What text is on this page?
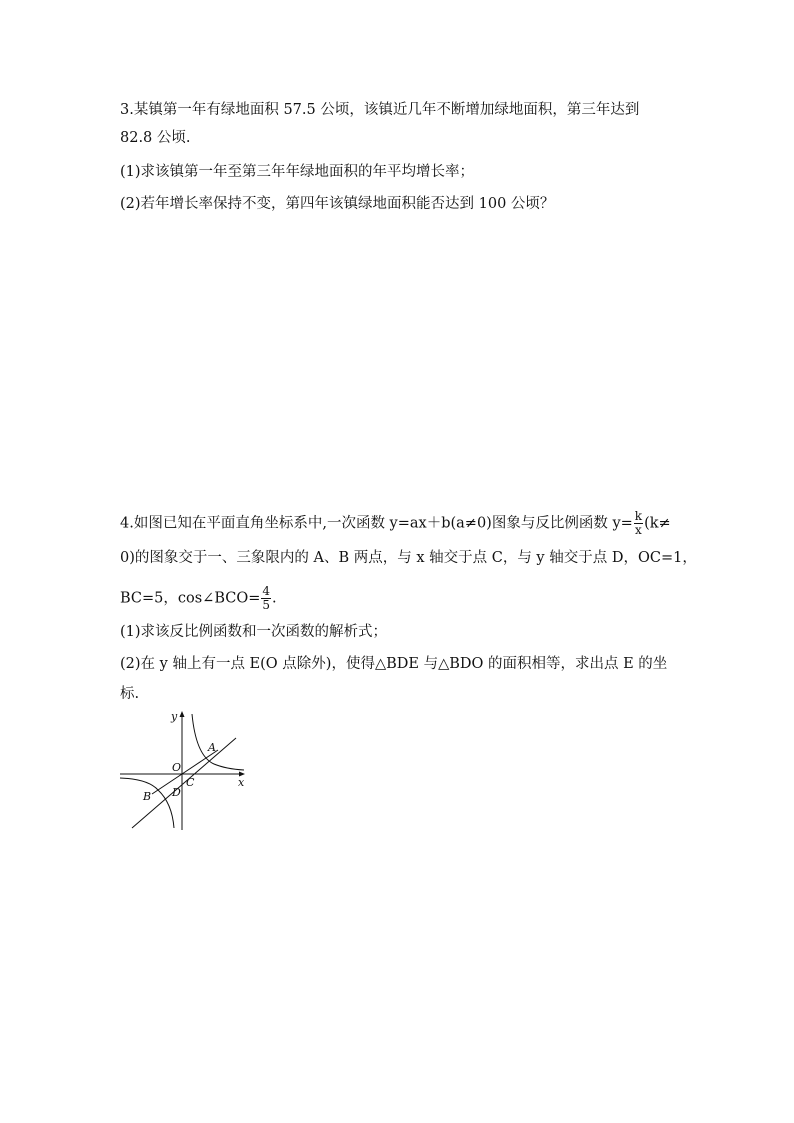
3.某镇第一年有绿地面积 57.5 公顷，该镇近几年不断增加绿地面积，第三年达到
82.8 公顷.
(1)求该镇第一年至第三年年绿地面积的年平均增长率；
(2)若年增长率保持不变，第四年该镇绿地面积能否达到 100 公顷？
4.如图已知在平面直角坐标系中,一次函数 y=ax＋b(a≠0)图象与反比例函数 $y= \frac{k}{x} (k\ne$
0)的图象交于一、三象限内的 A、B 两点，与 x 轴交于点 C，与 y 轴交于点 D，OC=1，
BC=5，cos∠BCO= $\frac{4}{5}$ .
(1)求该反比例函数和一次函数的解析式；
(2)在 y 轴上有一点 E(O 点除外)，使得△BDE 与△BDO 的面积相等，求出点 E 的坐
标.
y
x
O
A
B
C
D
